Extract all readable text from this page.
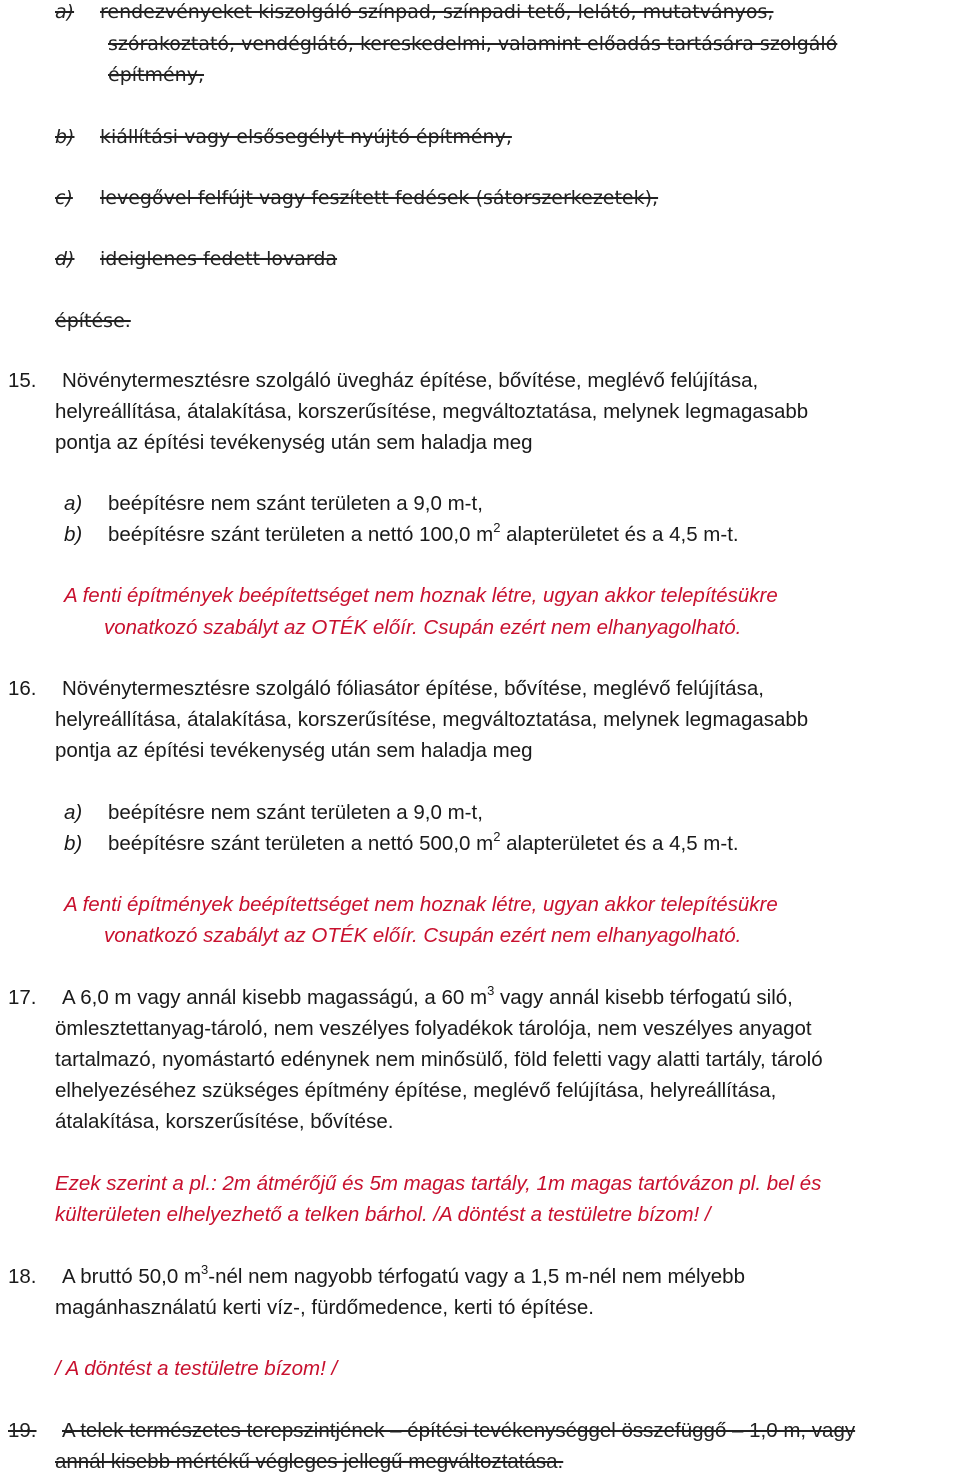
a) rendezvényeket kiszolgáló színpad, színpadi tető, lelátó, mutatványos,
szórakoztató, vendéglátó, kereskedelmi, valamint előadás tartására szolgáló
építmény,
b) kiállítási vagy elsősegélyt nyújtó építmény,
c) levegővel felfújt vagy feszített fedések (sátorszerkezetek),
d) ideiglenes fedett lovarda
építése.
15. Növénytermesztésre szolgáló üvegház építése, bővítése, meglévő felújítása,
helyreállítása, átalakítása, korszerűsítése, megváltoztatása, melynek legmagasabb
pontja az építési tevékenység után sem haladja meg
a) beépítésre nem szánt területen a 9,0 m-t,
b) beépítésre szánt területen a nettó 100,0 $m^2$ alapterületet és a 4,5 m-t.
A fenti építmények beépítettséget nem hoznak létre, ugyan akkor telepítésükre
vonatkozó szabályt az OTÉK előír. Csupán ezért nem elhanyagolható.
16. Növénytermesztésre szolgáló fóliasátor építése, bővítése, meglévő felújítása,
helyreállítása, átalakítása, korszerűsítése, megváltoztatása, melynek legmagasabb
pontja az építési tevékenység után sem haladja meg
a) beépítésre nem szánt területen a 9,0 m-t,
b) beépítésre szánt területen a nettó 500,0 $m^2$ alapterületet és a 4,5 m-t.
A fenti építmények beépítettséget nem hoznak létre, ugyan akkor telepítésükre
vonatkozó szabályt az OTÉK előír. Csupán ezért nem elhanyagolható.
17. A 6,0 m vagy annál kisebb magasságú, a 60 $m^3$ vagy annál kisebb térfogatú siló,
ömlesztettanyag-tároló, nem veszélyes folyadékok tárolója, nem veszélyes anyagot
tartalmazó, nyomástartó edénynek nem minősülő, föld feletti vagy alatti tartály, tároló
elhelyezéséhez szükséges építmény építése, meglévő felújítása, helyreállítása,
átalakítása, korszerűsítése, bővítése.
Ezek szerint a pl.: 2m átmérőjű és 5m magas tartály, 1m magas tartóvázon pl. bel és
külterületen elhelyezhető a telken bárhol. /A döntést a testületre bízom! /
18. A bruttó 50,0 $m^3$-nél nem nagyobb térfogatú vagy a 1,5 m-nél nem mélyebb
magánhasználatú kerti víz-, fürdőmedence, kerti tó építése.
/ A döntést a testületre bízom! /
19. A telek természetes terepszintjének – építési tevékenységgel összefüggő – 1,0 m, vagy
annál kisebb mértékű végleges jellegű megváltoztatása.
